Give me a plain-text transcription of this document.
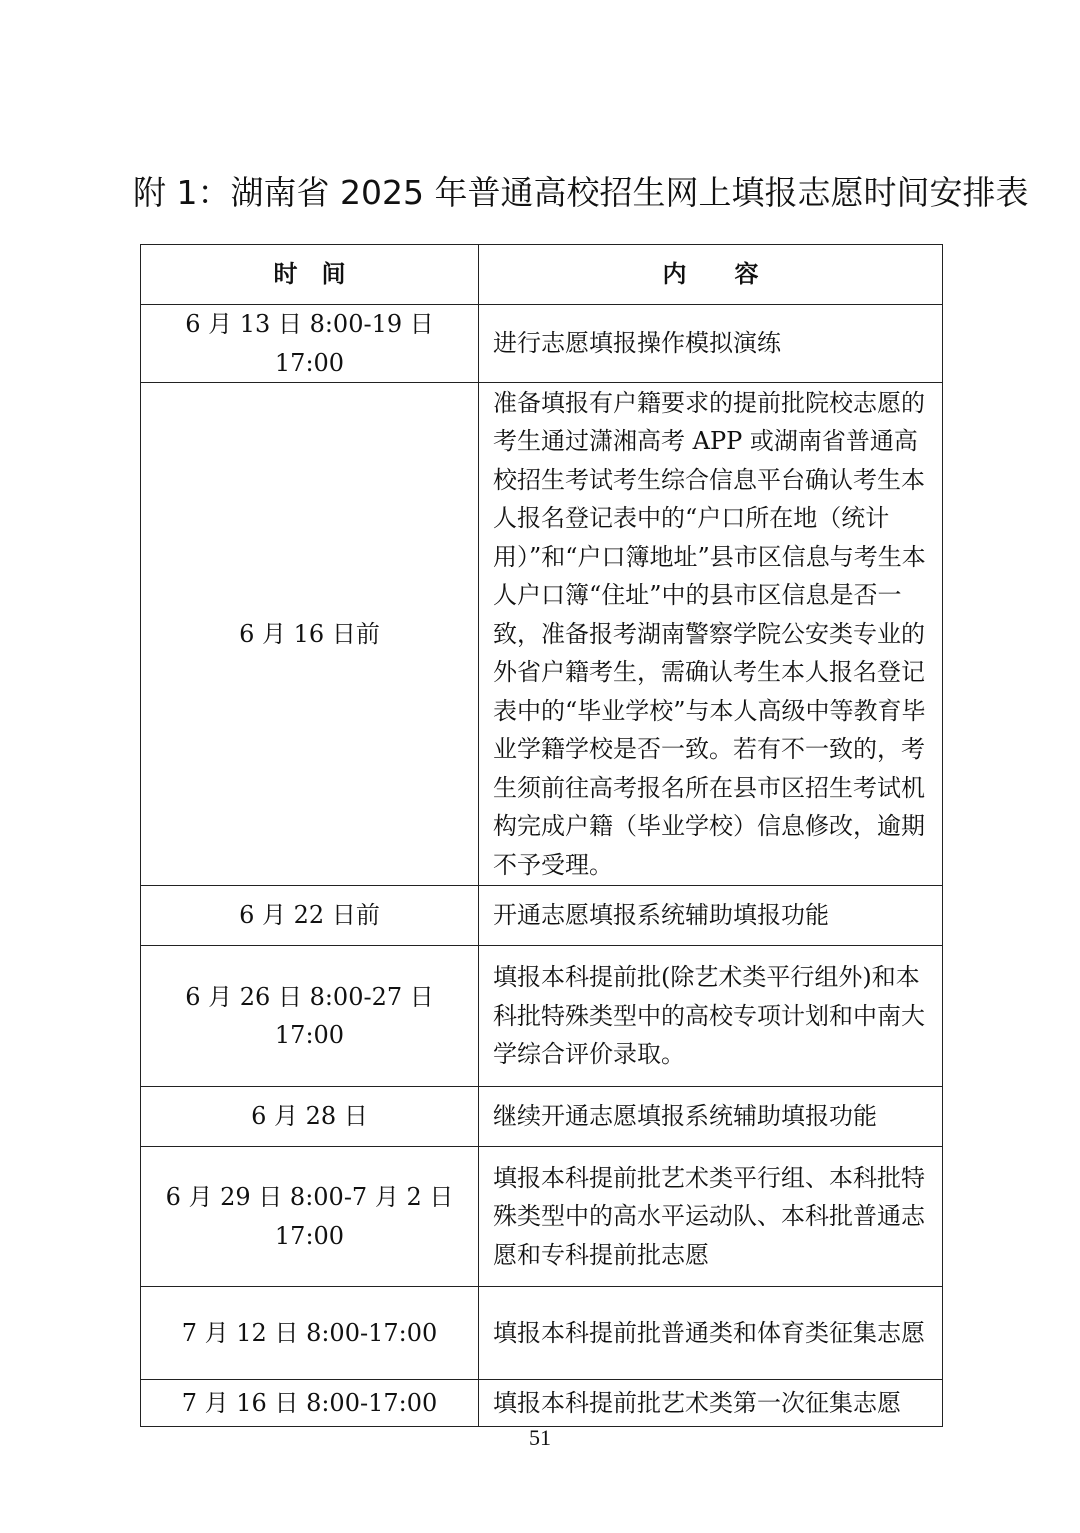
附 1：湖南省 2025 年普通高校招生网上填报志愿时间安排表
时　间	内　　容
6 月 13 日 8:00-19 日 17:00	进行志愿填报操作模拟演练
6 月 16 日前	准备填报有户籍要求的提前批院校志愿的考生通过潇湘高考 APP 或湖南省普通高校招生考试考生综合信息平台确认考生本人报名登记表中的“户口所在地（统计用）”和“户口簿地址”县市区信息与考生本人户口簿“住址”中的县市区信息是否一致，准备报考湖南警察学院公安类专业的外省户籍考生，需确认考生本人报名登记表中的“毕业学校”与本人高级中等教育毕业学籍学校是否一致。若有不一致的，考生须前往高考报名所在县市区招生考试机构完成户籍（毕业学校）信息修改，逾期不予受理。
6 月 22 日前	开通志愿填报系统辅助填报功能
6 月 26 日 8:00-27 日 17:00	填报本科提前批(除艺术类平行组外)和本科批特殊类型中的高校专项计划和中南大学综合评价录取。
6 月 28 日	继续开通志愿填报系统辅助填报功能
6 月 29 日 8:00-7 月 2 日 17:00	填报本科提前批艺术类平行组、本科批特殊类型中的高水平运动队、本科批普通志愿和专科提前批志愿
7 月 12 日 8:00-17:00	填报本科提前批普通类和体育类征集志愿
7 月 16 日 8:00-17:00	填报本科提前批艺术类第一次征集志愿
51
